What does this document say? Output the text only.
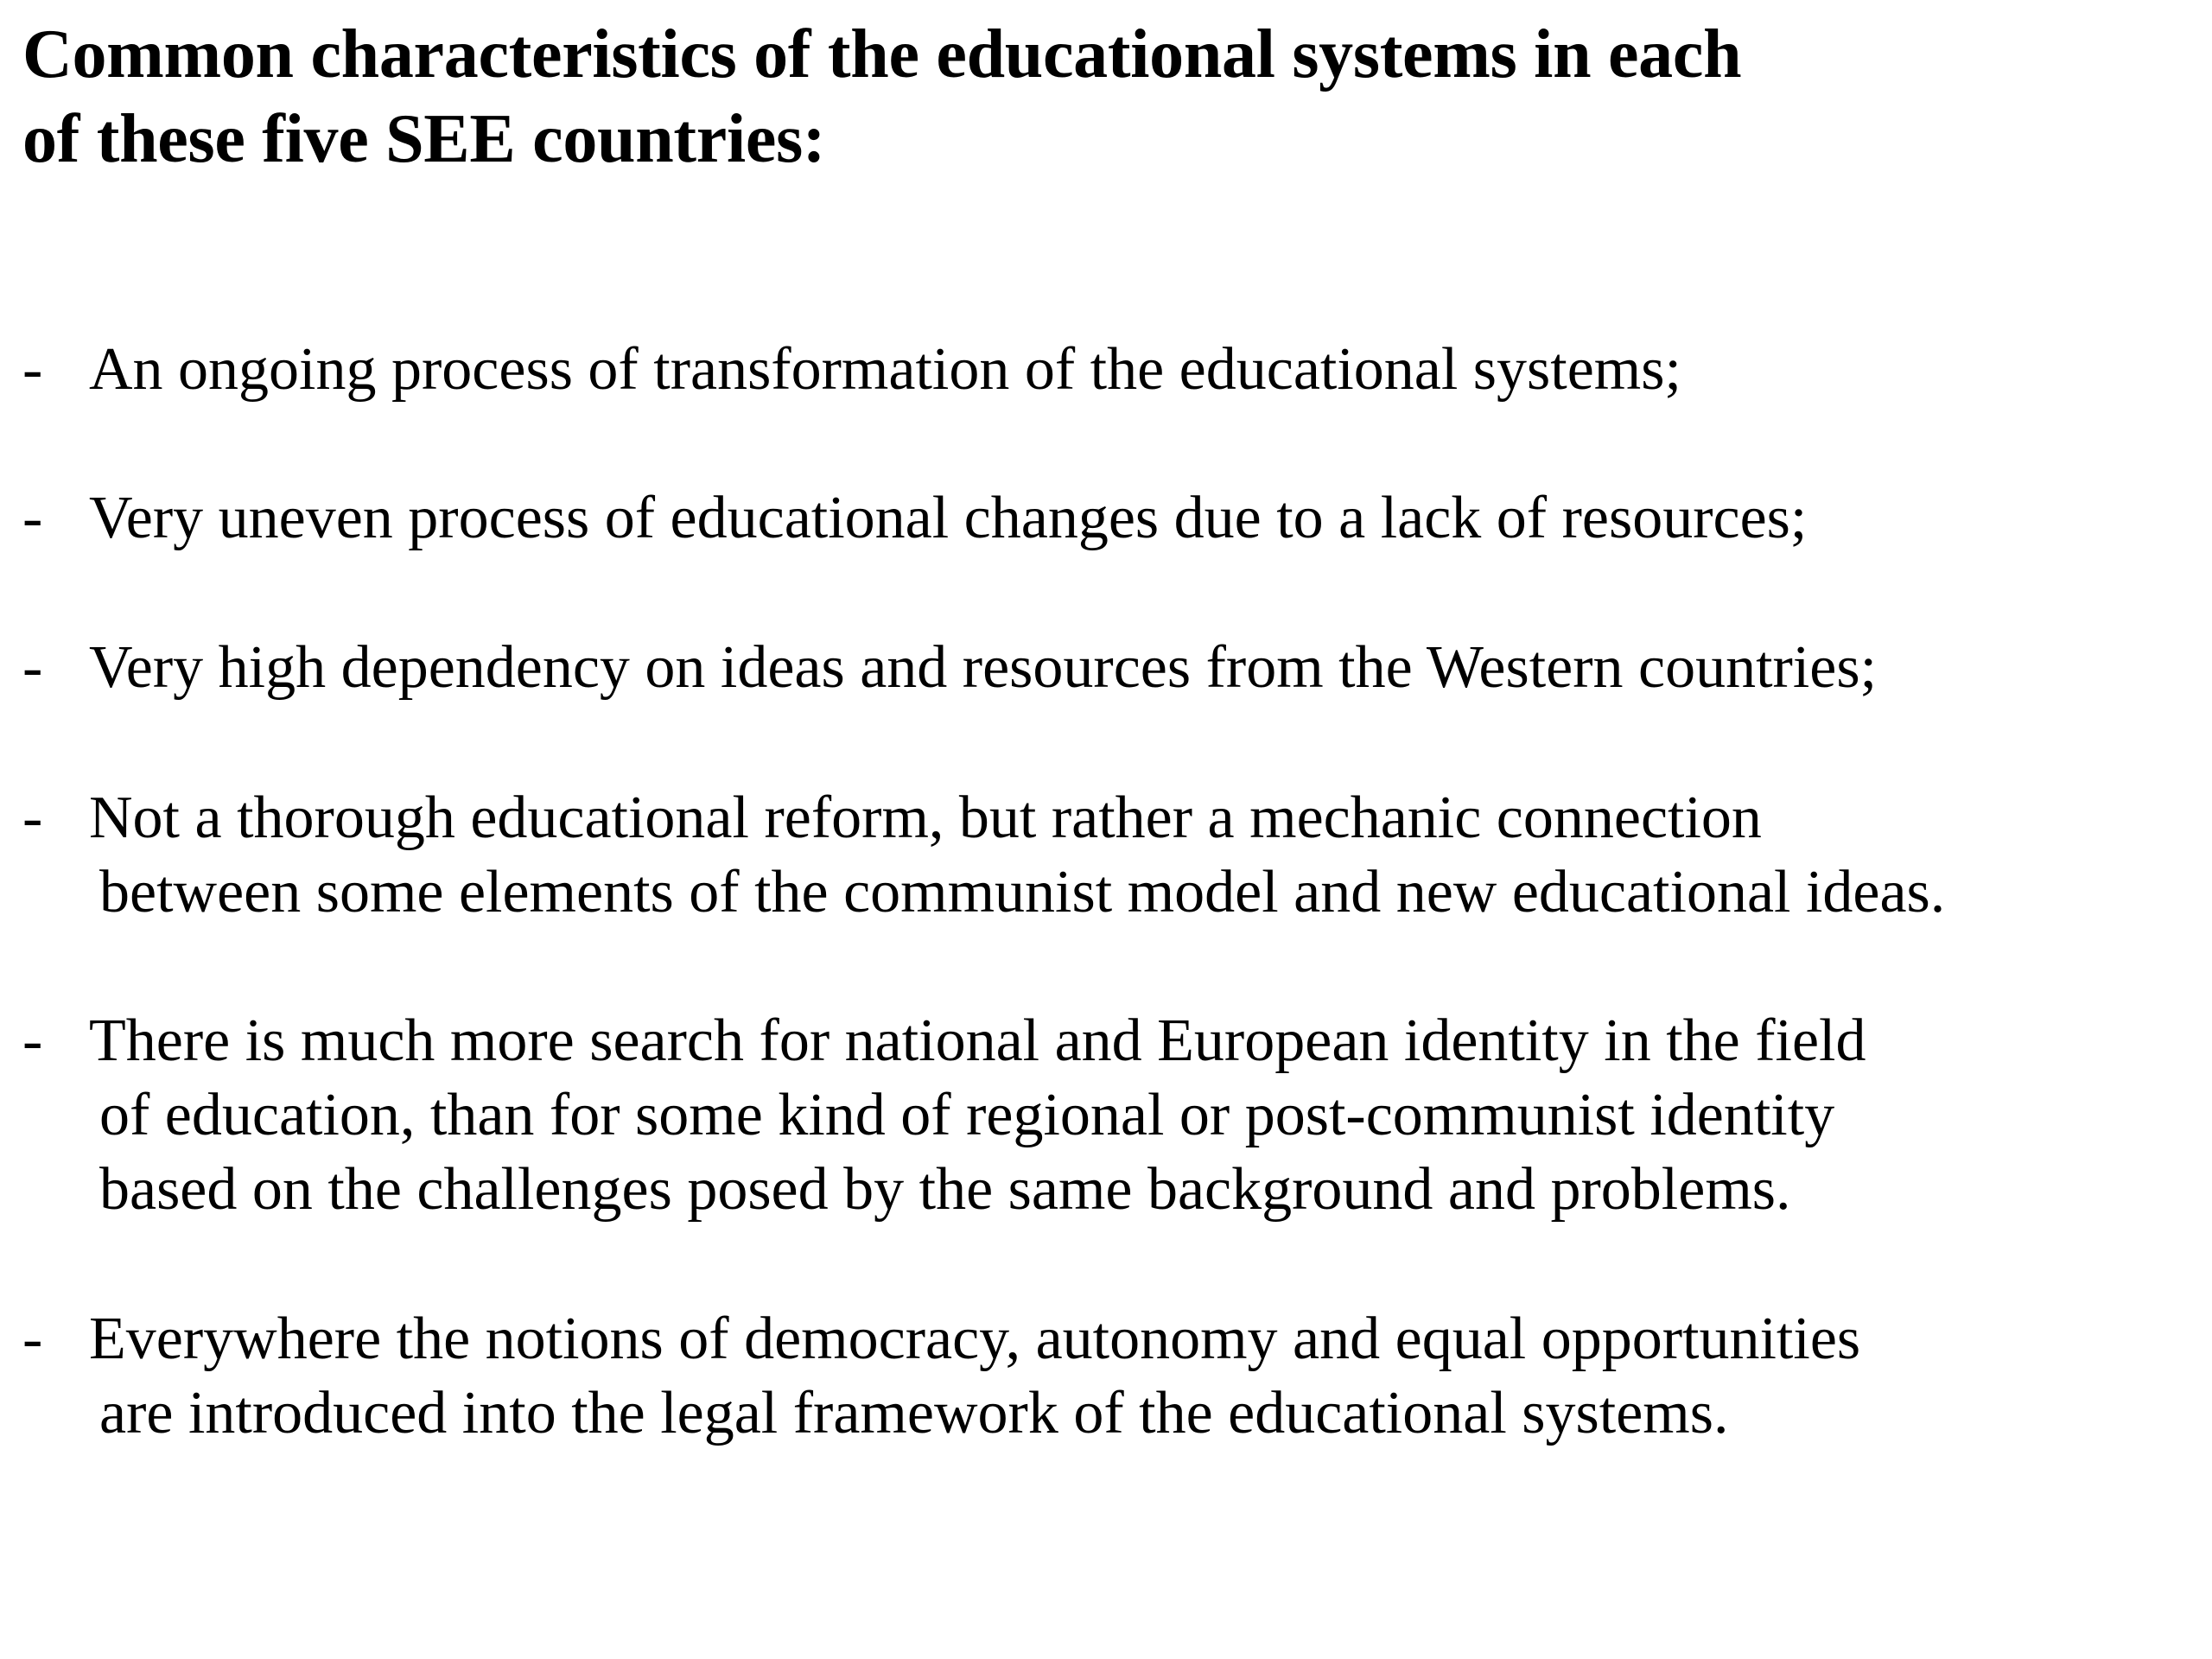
Common characteristics of the educational systems in each
of these five SEE countries:
- An ongoing process of transformation of the educational systems;
- Very uneven process of educational changes due to a lack of resources;
- Very high dependency on ideas and resources from the Western countries;
- Not a thorough educational reform, but rather a mechanic connection
between some elements of the communist model and new educational ideas.
- There is much more search for national and European identity in the field
of education, than for some kind of regional or post-communist identity
based on the challenges posed by the same background and problems.
- Everywhere the notions of democracy, autonomy and equal opportunities
are introduced into the legal framework of the educational systems.
